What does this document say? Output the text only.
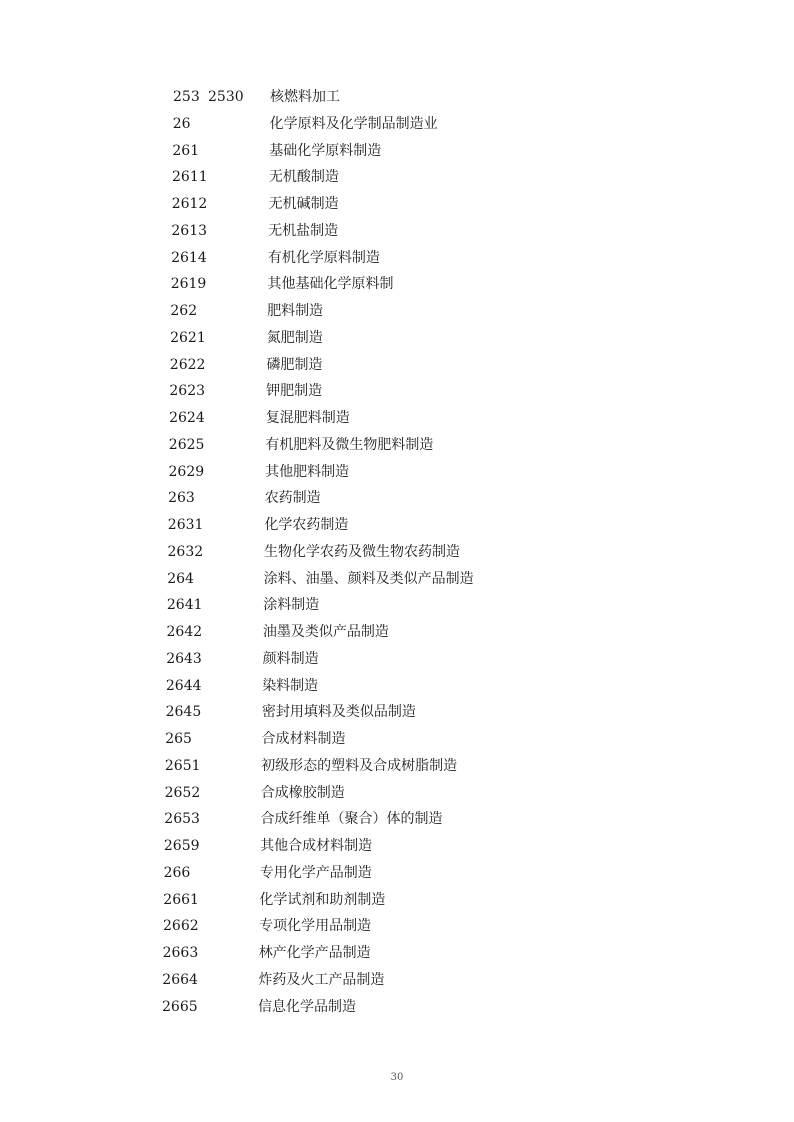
253 2530 核燃料加工
26	化学原料及化学制品制造业
261	基础化学原料制造
2611	无机酸制造
2612	无机碱制造
2613	无机盐制造
2614	有机化学原料制造
2619	其他基础化学原料制
262	肥料制造
2621	氮肥制造
2622	磷肥制造
2623	钾肥制造
2624	复混肥料制造
2625	有机肥料及微生物肥料制造
2629	其他肥料制造
263	农药制造
2631	化学农药制造
2632	生物化学农药及微生物农药制造
264	涂料、油墨、颜料及类似产品制造
2641	涂料制造
2642	油墨及类似产品制造
2643	颜料制造
2644	染料制造
2645	密封用填料及类似品制造
265	合成材料制造
2651	初级形态的塑料及合成树脂制造
2652	合成橡胶制造
2653	合成纤维单（聚合）体的制造
2659	其他合成材料制造
266	专用化学产品制造
2661	化学试剂和助剂制造
2662	专项化学用品制造
2663	林产化学产品制造
2664	炸药及火工产品制造
2665	信息化学品制造
30
